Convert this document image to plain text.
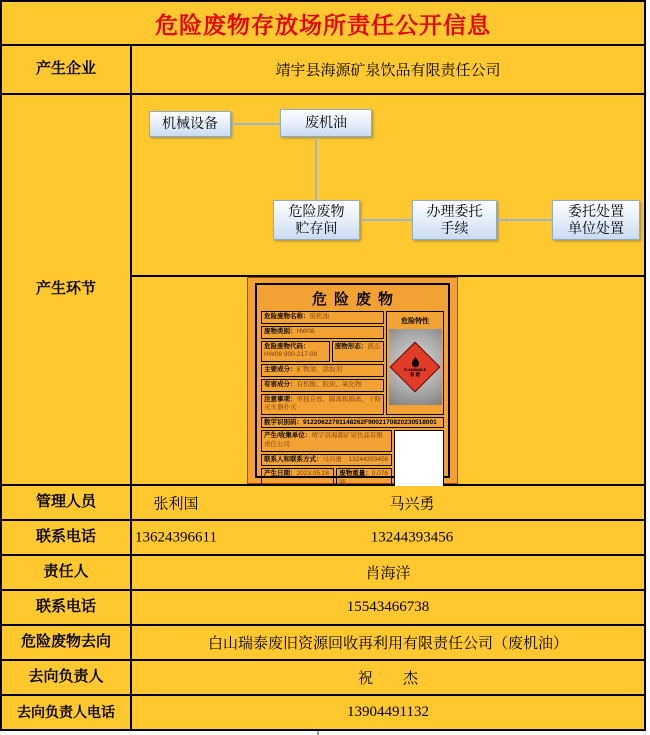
危险废物存放场所责任公开信息
产生企业	靖宇县海源矿泉饮品有限责任公司
产生环节
机械设备	废机油
危险废物
贮存间
办理委托
手续
委托处置
单位处置
危险废物
危险废物名称：废机油
废物类别：HW08
危险废物代码：
HW08 900-217-08
废物形态：液态
主要成分：矿物油、添加剂
有害成分：有机酸、胶质、氧化物
注意事项：单独存放、隔离板隔离、干粉灭火器扑灭
危险特性
FLAMMABLE
易 燃
数字识别码：91220622791148262F9002170820230518001
产生/收集单位：靖宇县海源矿泉饮品有限责任公司
联系人和联系方式：马兴勇　13244393456
产生日期：2023.05.18	废物重量：0.076吨
管理人员	张利国	马兴勇
联系电话	13624396611	13244393456
责任人	肖海洋
联系电话	15543466738
危险废物去向	白山瑞泰废旧资源回收再利用有限责任公司（废机油）
去向负责人	祝　　杰
去向负责人电话	13904491132
